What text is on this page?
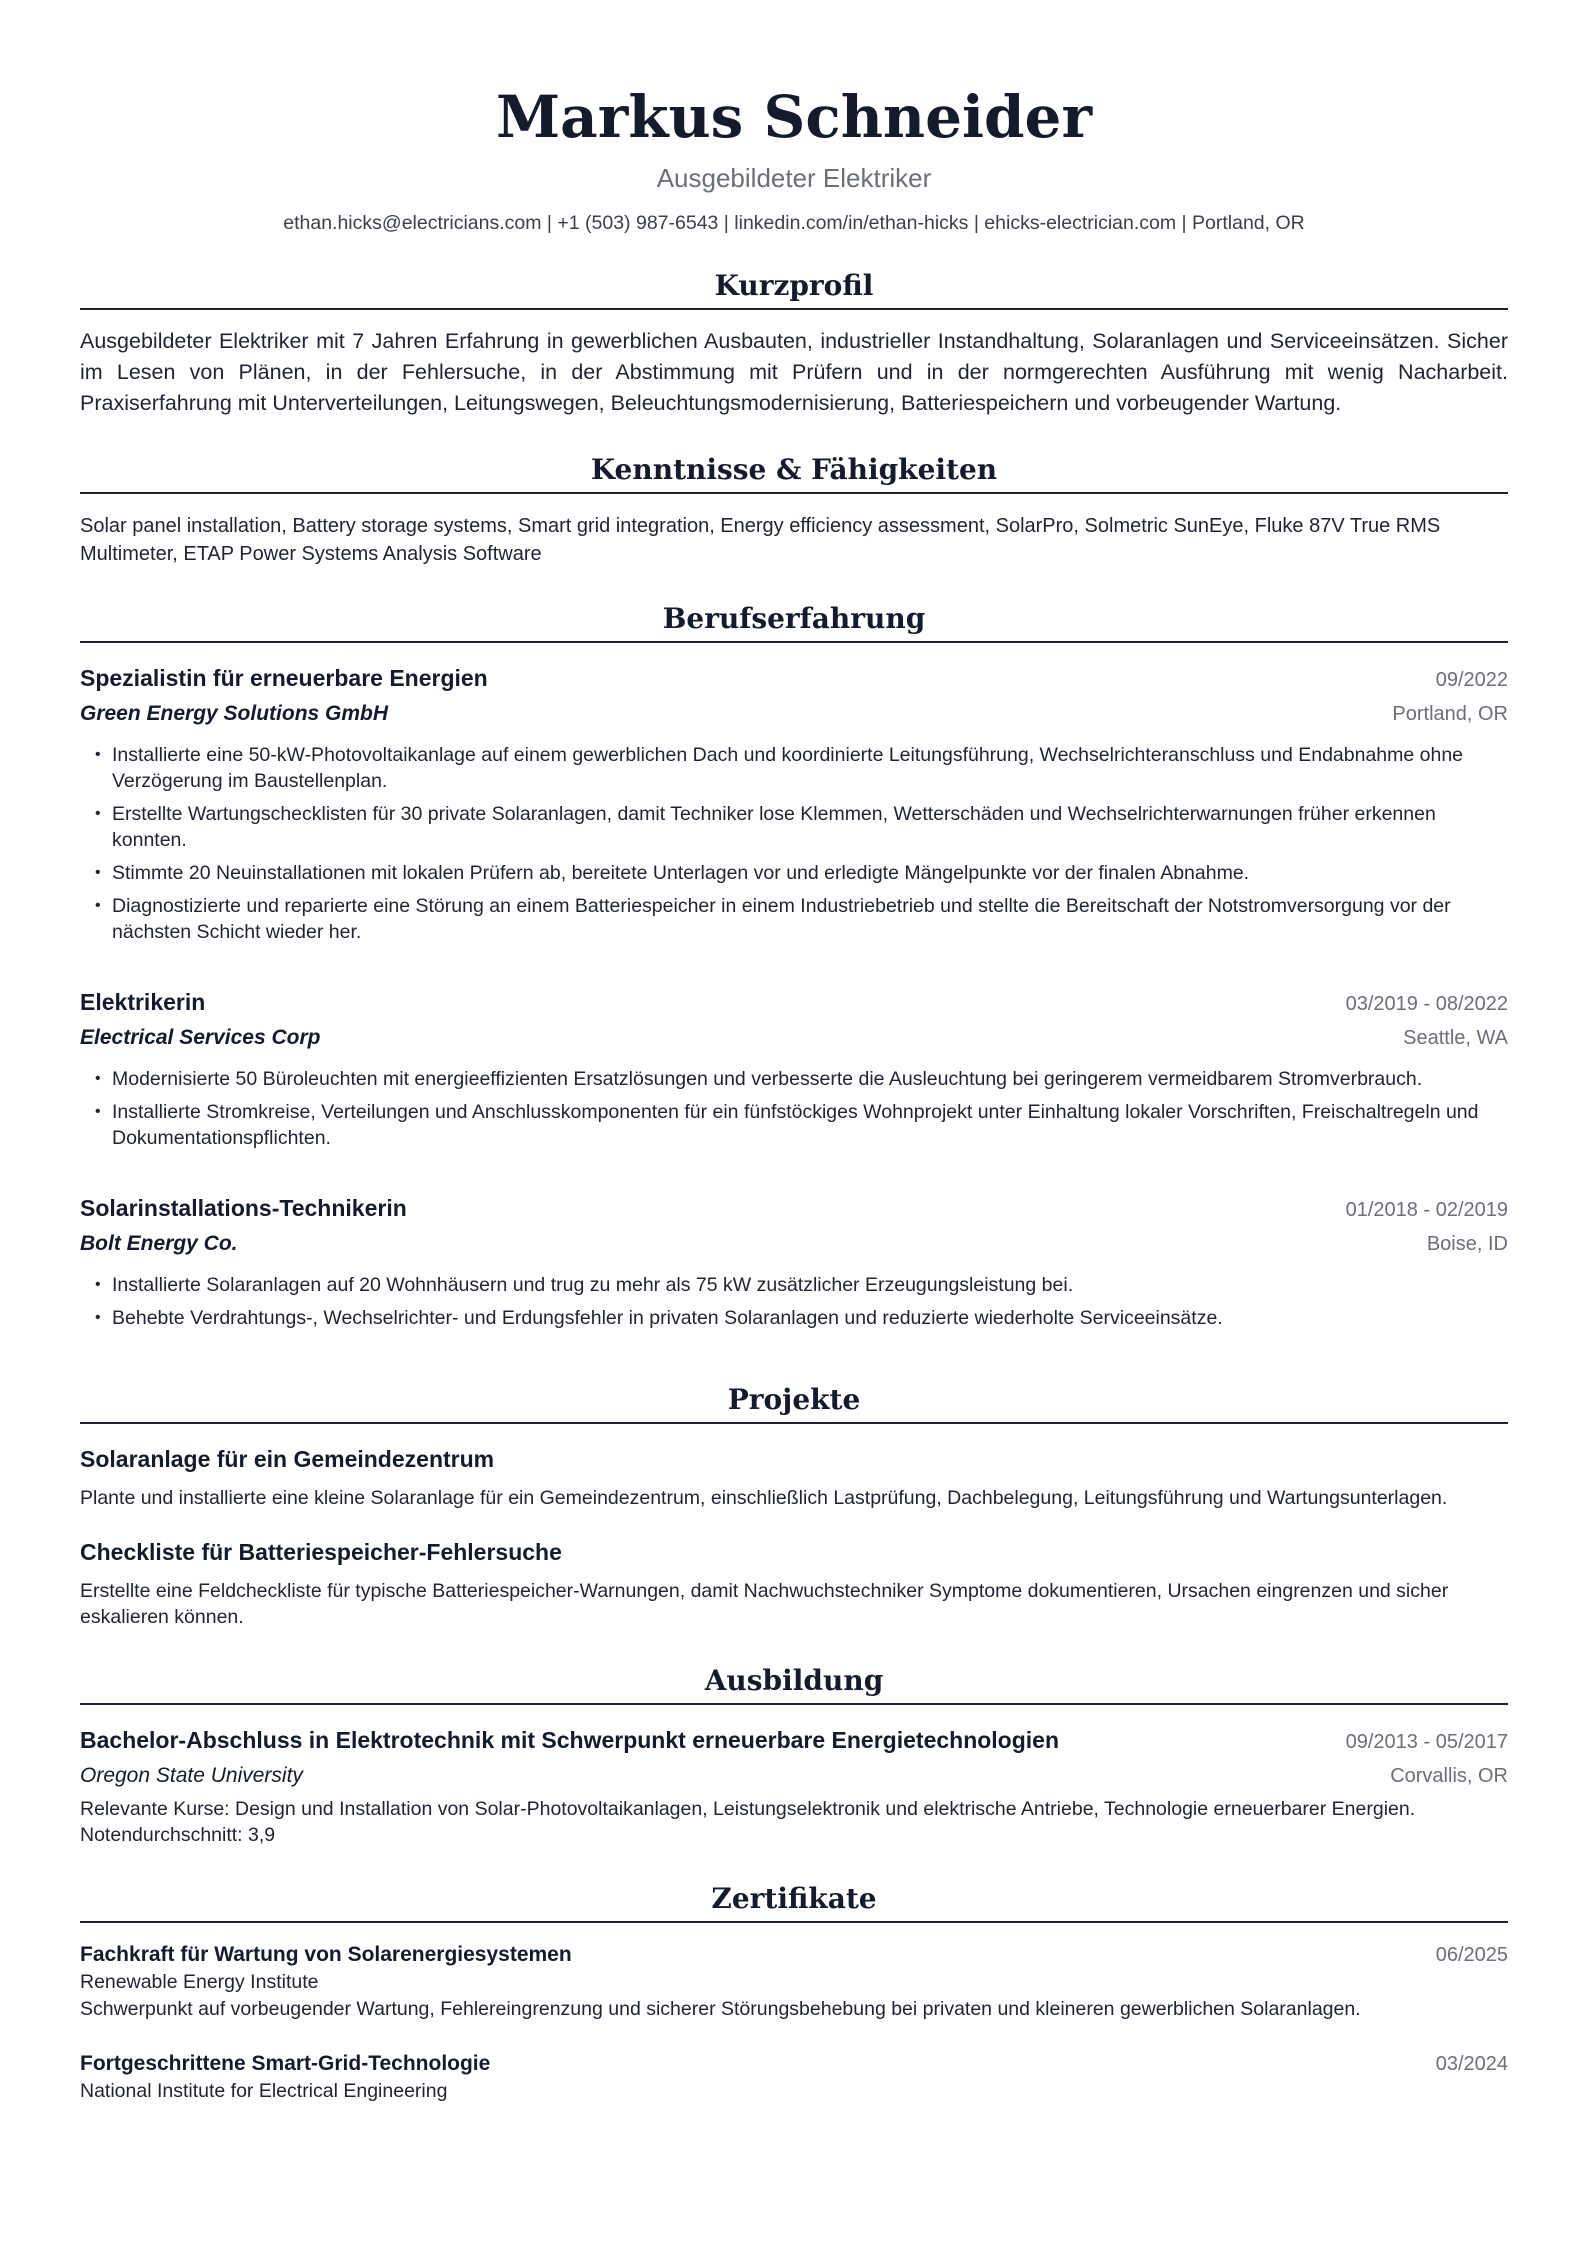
Markus Schneider
Ausgebildeter Elektriker
ethan.hicks@electricians.com | +1 (503) 987-6543 | linkedin.com/in/ethan-hicks | ehicks-electrician.com | Portland, OR
Kurzprofil
Ausgebildeter Elektriker mit 7 Jahren Erfahrung in gewerblichen Ausbauten, industrieller Instandhaltung, Solaranlagen und Serviceeinsätzen. Sicher im Lesen von Plänen, in der Fehlersuche, in der Abstimmung mit Prüfern und in der normgerechten Ausführung mit wenig Nacharbeit. Praxiserfahrung mit Unterverteilungen, Leitungswegen, Beleuchtungsmodernisierung, Batteriespeichern und vorbeugender Wartung.
Kenntnisse & Fähigkeiten
Solar panel installation, Battery storage systems, Smart grid integration, Energy efficiency assessment, SolarPro, Solmetric SunEye, Fluke 87V True RMS Multimeter, ETAP Power Systems Analysis Software
Berufserfahrung
Spezialistin für erneuerbare Energien	09/2022
Green Energy Solutions GmbH	Portland, OR
• Installierte eine 50-kW-Photovoltaikanlage auf einem gewerblichen Dach und koordinierte Leitungsführung, Wechselrichteranschluss und Endabnahme ohne Verzögerung im Baustellenplan.
• Erstellte Wartungschecklisten für 30 private Solaranlagen, damit Techniker lose Klemmen, Wetterschäden und Wechselrichterwarnungen früher erkennen konnten.
• Stimmte 20 Neuinstallationen mit lokalen Prüfern ab, bereitete Unterlagen vor und erledigte Mängelpunkte vor der finalen Abnahme.
• Diagnostizierte und reparierte eine Störung an einem Batteriespeicher in einem Industriebetrieb und stellte die Bereitschaft der Notstromversorgung vor der nächsten Schicht wieder her.
Elektrikerin	03/2019 - 08/2022
Electrical Services Corp	Seattle, WA
• Modernisierte 50 Büroleuchten mit energieeffizienten Ersatzlösungen und verbesserte die Ausleuchtung bei geringerem vermeidbarem Stromverbrauch.
• Installierte Stromkreise, Verteilungen und Anschlusskomponenten für ein fünfstöckiges Wohnprojekt unter Einhaltung lokaler Vorschriften, Freischaltregeln und Dokumentationspflichten.
Solarinstallations-Technikerin	01/2018 - 02/2019
Bolt Energy Co.	Boise, ID
• Installierte Solaranlagen auf 20 Wohnhäusern und trug zu mehr als 75 kW zusätzlicher Erzeugungsleistung bei.
• Behebte Verdrahtungs-, Wechselrichter- und Erdungsfehler in privaten Solaranlagen und reduzierte wiederholte Serviceeinsätze.
Projekte
Solaranlage für ein Gemeindezentrum
Plante und installierte eine kleine Solaranlage für ein Gemeindezentrum, einschließlich Lastprüfung, Dachbelegung, Leitungsführung und Wartungsunterlagen.
Checkliste für Batteriespeicher-Fehlersuche
Erstellte eine Feldcheckliste für typische Batteriespeicher-Warnungen, damit Nachwuchstechniker Symptome dokumentieren, Ursachen eingrenzen und sicher eskalieren können.
Ausbildung
Bachelor-Abschluss in Elektrotechnik mit Schwerpunkt erneuerbare Energietechnologien	09/2013 - 05/2017
Oregon State University	Corvallis, OR
Relevante Kurse: Design und Installation von Solar-Photovoltaikanlagen, Leistungselektronik und elektrische Antriebe, Technologie erneuerbarer Energien. Notendurchschnitt: 3,9
Zertifikate
Fachkraft für Wartung von Solarenergiesystemen	06/2025
Renewable Energy Institute
Schwerpunkt auf vorbeugender Wartung, Fehlereingrenzung und sicherer Störungsbehebung bei privaten und kleineren gewerblichen Solaranlagen.
Fortgeschrittene Smart-Grid-Technologie	03/2024
National Institute for Electrical Engineering
